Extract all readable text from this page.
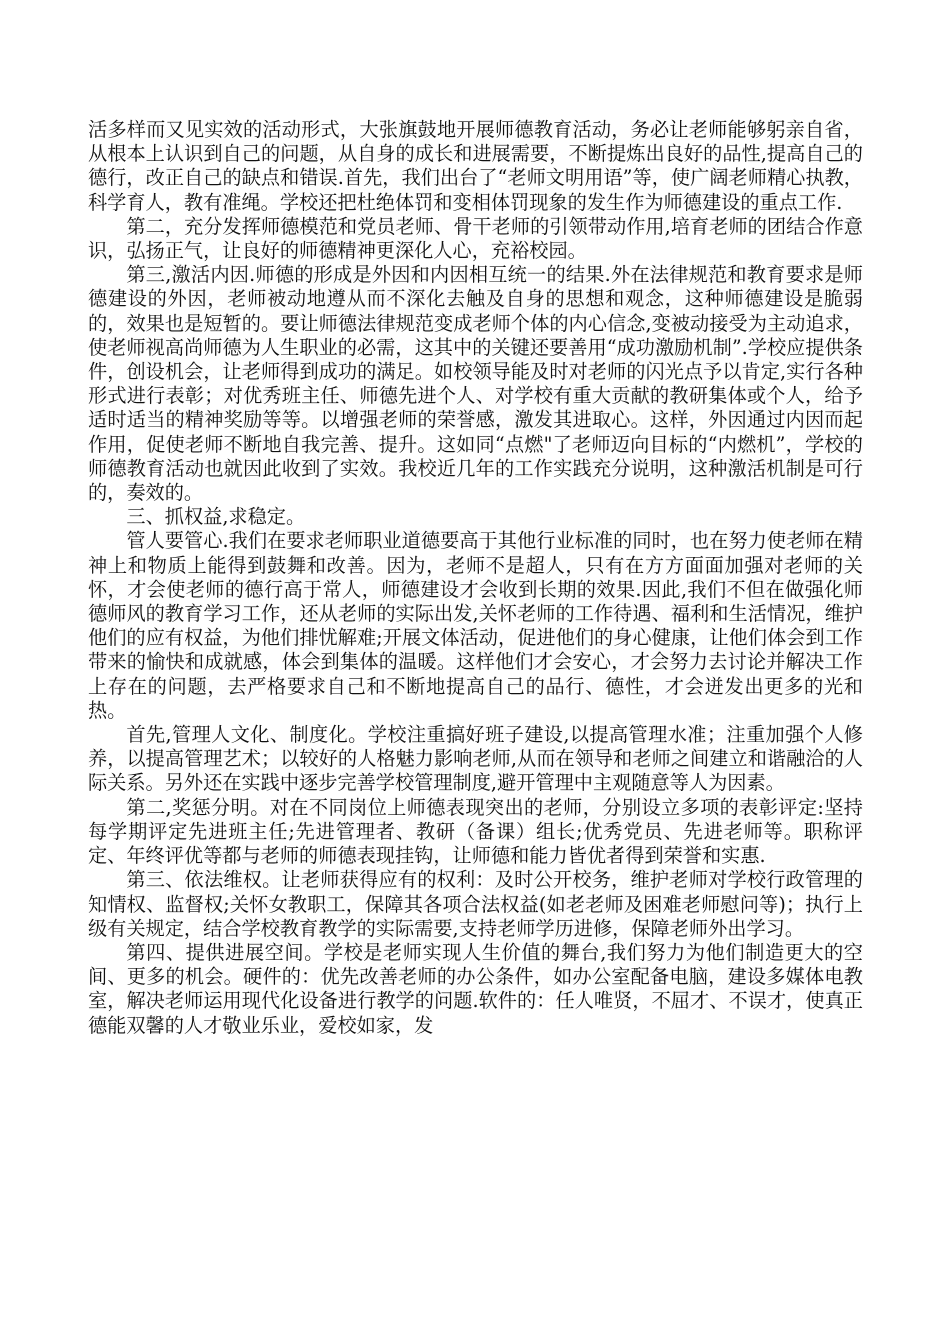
活多样而又见实效的活动形式，大张旗鼓地开展师德教育活动，务必让老师能够躬亲自省，从根本上认识到自己的问题，从自身的成长和进展需要，不断提炼出良好的品性,提高自己的德行，改正自己的缺点和错误.首先，我们出台了“老师文明用语”等，使广阔老师精心执教，科学育人，教有准绳。学校还把杜绝体罚和变相体罚现象的发生作为师德建设的重点工作.

第二，充分发挥师德模范和党员老师、骨干老师的引领带动作用,培育老师的团结合作意识，弘扬正气，让良好的师德精神更深化人心，充裕校园。

第三,激活内因.师德的形成是外因和内因相互统一的结果.外在法律规范和教育要求是师德建设的外因，老师被动地遵从而不深化去触及自身的思想和观念，这种师德建设是脆弱的，效果也是短暂的。要让师德法律规范变成老师个体的内心信念,变被动接受为主动追求，使老师视高尚师德为人生职业的必需，这其中的关键还要善用“成功激励机制”.学校应提供条件，创设机会，让老师得到成功的满足。如校领导能及时对老师的闪光点予以肯定,实行各种形式进行表彰；对优秀班主任、师德先进个人、对学校有重大贡献的教研集体或个人，给予适时适当的精神奖励等等。以增强老师的荣誉感，激发其进取心。这样，外因通过内因而起作用，促使老师不断地自我完善、提升。这如同“点燃"了老师迈向目标的“内燃机”，学校的师德教育活动也就因此收到了实效。我校近几年的工作实践充分说明，这种激活机制是可行的，奏效的。

三、抓权益,求稳定。

管人要管心.我们在要求老师职业道德要高于其他行业标准的同时，也在努力使老师在精神上和物质上能得到鼓舞和改善。因为，老师不是超人，只有在方方面面加强对老师的关怀，才会使老师的德行高于常人，师德建设才会收到长期的效果.因此,我们不但在做强化师德师风的教育学习工作，还从老师的实际出发,关怀老师的工作待遇、福利和生活情况，维护他们的应有权益，为他们排忧解难;开展文体活动，促进他们的身心健康，让他们体会到工作带来的愉快和成就感，体会到集体的温暖。这样他们才会安心，才会努力去讨论并解决工作上存在的问题，去严格要求自己和不断地提高自己的品行、德性，才会迸发出更多的光和热。

首先,管理人文化、制度化。学校注重搞好班子建设,以提高管理水准；注重加强个人修养，以提高管理艺术；以较好的人格魅力影响老师,从而在领导和老师之间建立和谐融洽的人际关系。另外还在实践中逐步完善学校管理制度,避开管理中主观随意等人为因素。

第二,奖惩分明。对在不同岗位上师德表现突出的老师，分别设立多项的表彰评定:坚持每学期评定先进班主任;先进管理者、教研（备课）组长;优秀党员、先进老师等。职称评定、年终评优等都与老师的师德表现挂钩，让师德和能力皆优者得到荣誉和实惠.

第三、依法维权。让老师获得应有的权利：及时公开校务，维护老师对学校行政管理的知情权、监督权;关怀女教职工，保障其各项合法权益(如老老师及困难老师慰问等)；执行上级有关规定，结合学校教育教学的实际需要,支持老师学历进修，保障老师外出学习。

第四、提供进展空间。学校是老师实现人生价值的舞台,我们努力为他们制造更大的空间、更多的机会。硬件的：优先改善老师的办公条件，如办公室配备电脑，建设多媒体电教室，解决老师运用现代化设备进行教学的问题.软件的：任人唯贤，不屈才、不误才，使真正德能双馨的人才敬业乐业，爱校如家，发
